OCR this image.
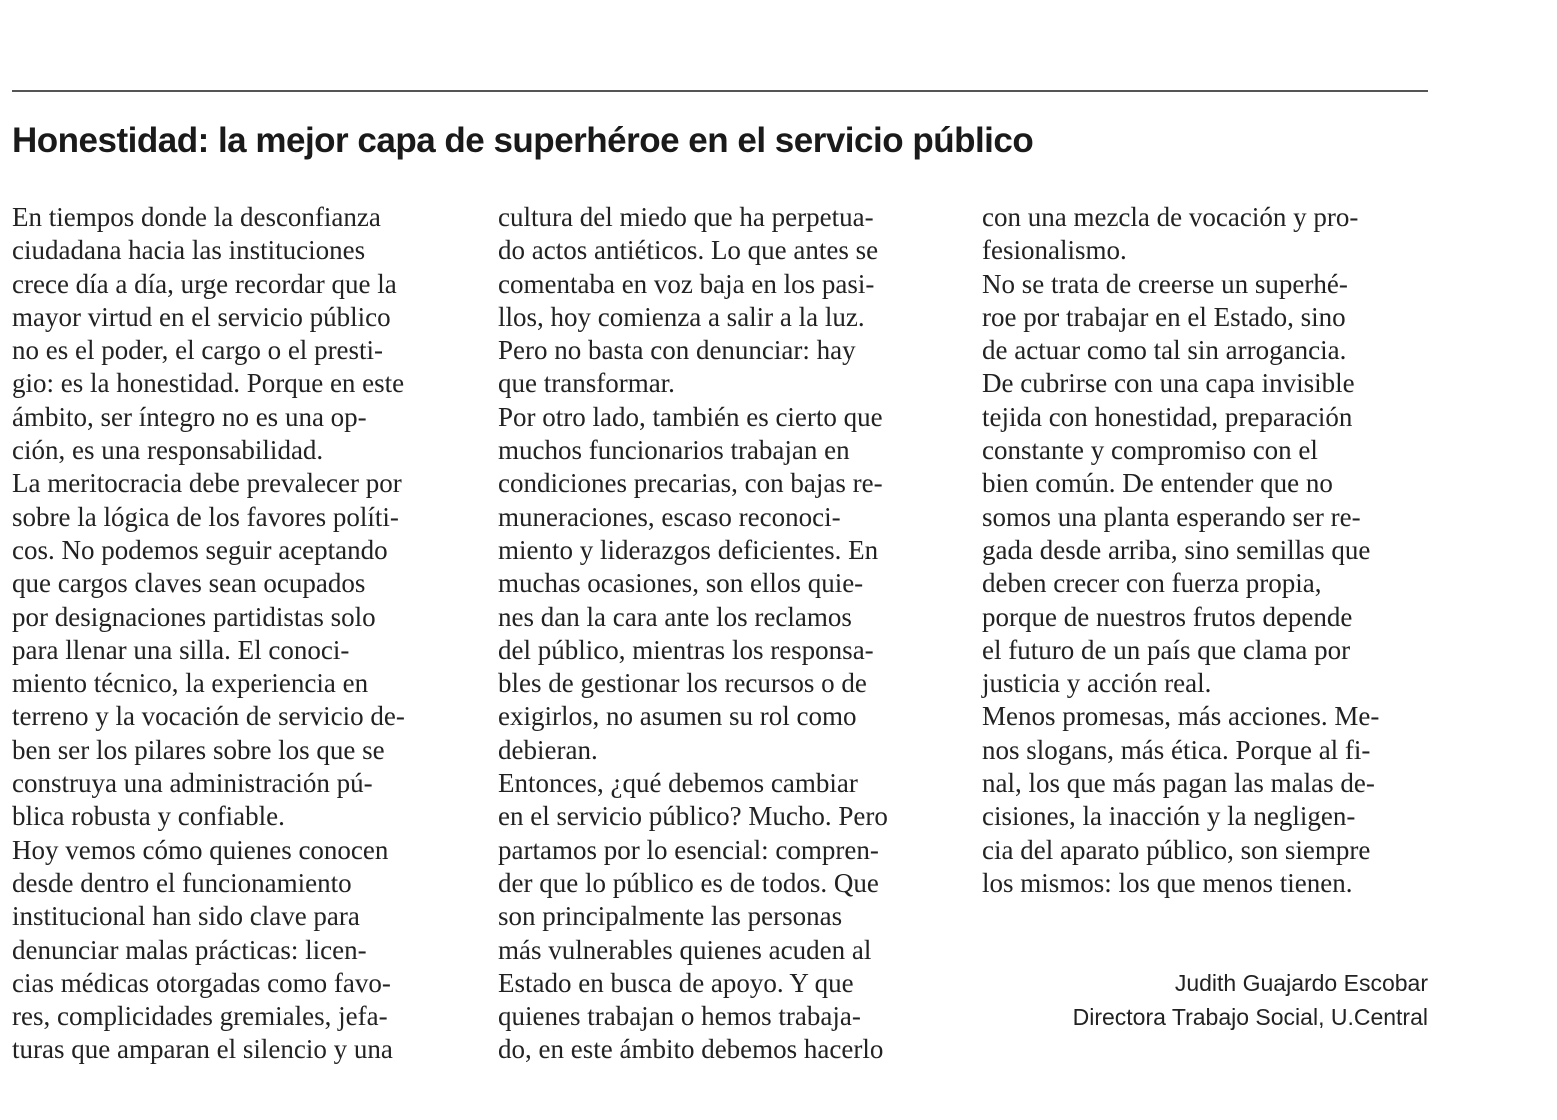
Honestidad: la mejor capa de superhéroe en el servicio público
En tiempos donde la desconfianza
ciudadana hacia las instituciones
crece día a día, urge recordar que la
mayor virtud en el servicio público
no es el poder, el cargo o el presti-
gio: es la honestidad. Porque en este
ámbito, ser íntegro no es una op-
ción, es una responsabilidad.
La meritocracia debe prevalecer por
sobre la lógica de los favores políti-
cos. No podemos seguir aceptando
que cargos claves sean ocupados
por designaciones partidistas solo
para llenar una silla. El conoci-
miento técnico, la experiencia en
terreno y la vocación de servicio de-
ben ser los pilares sobre los que se
construya una administración pú-
blica robusta y confiable.
Hoy vemos cómo quienes conocen
desde dentro el funcionamiento
institucional han sido clave para
denunciar malas prácticas: licen-
cias médicas otorgadas como favo-
res, complicidades gremiales, jefa-
turas que amparan el silencio y una
cultura del miedo que ha perpetua-
do actos antiéticos. Lo que antes se
comentaba en voz baja en los pasi-
llos, hoy comienza a salir a la luz.
Pero no basta con denunciar: hay
que transformar.
Por otro lado, también es cierto que
muchos funcionarios trabajan en
condiciones precarias, con bajas re-
muneraciones, escaso reconoci-
miento y liderazgos deficientes. En
muchas ocasiones, son ellos quie-
nes dan la cara ante los reclamos
del público, mientras los responsa-
bles de gestionar los recursos o de
exigirlos, no asumen su rol como
debieran.
Entonces, ¿qué debemos cambiar
en el servicio público? Mucho. Pero
partamos por lo esencial: compren-
der que lo público es de todos. Que
son principalmente las personas
más vulnerables quienes acuden al
Estado en busca de apoyo. Y que
quienes trabajan o hemos trabaja-
do, en este ámbito debemos hacerlo
con una mezcla de vocación y pro-
fesionalismo.
No se trata de creerse un superhé-
roe por trabajar en el Estado, sino
de actuar como tal sin arrogancia.
De cubrirse con una capa invisible
tejida con honestidad, preparación
constante y compromiso con el
bien común. De entender que no
somos una planta esperando ser re-
gada desde arriba, sino semillas que
deben crecer con fuerza propia,
porque de nuestros frutos depende
el futuro de un país que clama por
justicia y acción real.
Menos promesas, más acciones. Me-
nos slogans, más ética. Porque al fi-
nal, los que más pagan las malas de-
cisiones, la inacción y la negligen-
cia del aparato público, son siempre
los mismos: los que menos tienen.
Judith Guajardo Escobar
Directora Trabajo Social, U.Central
